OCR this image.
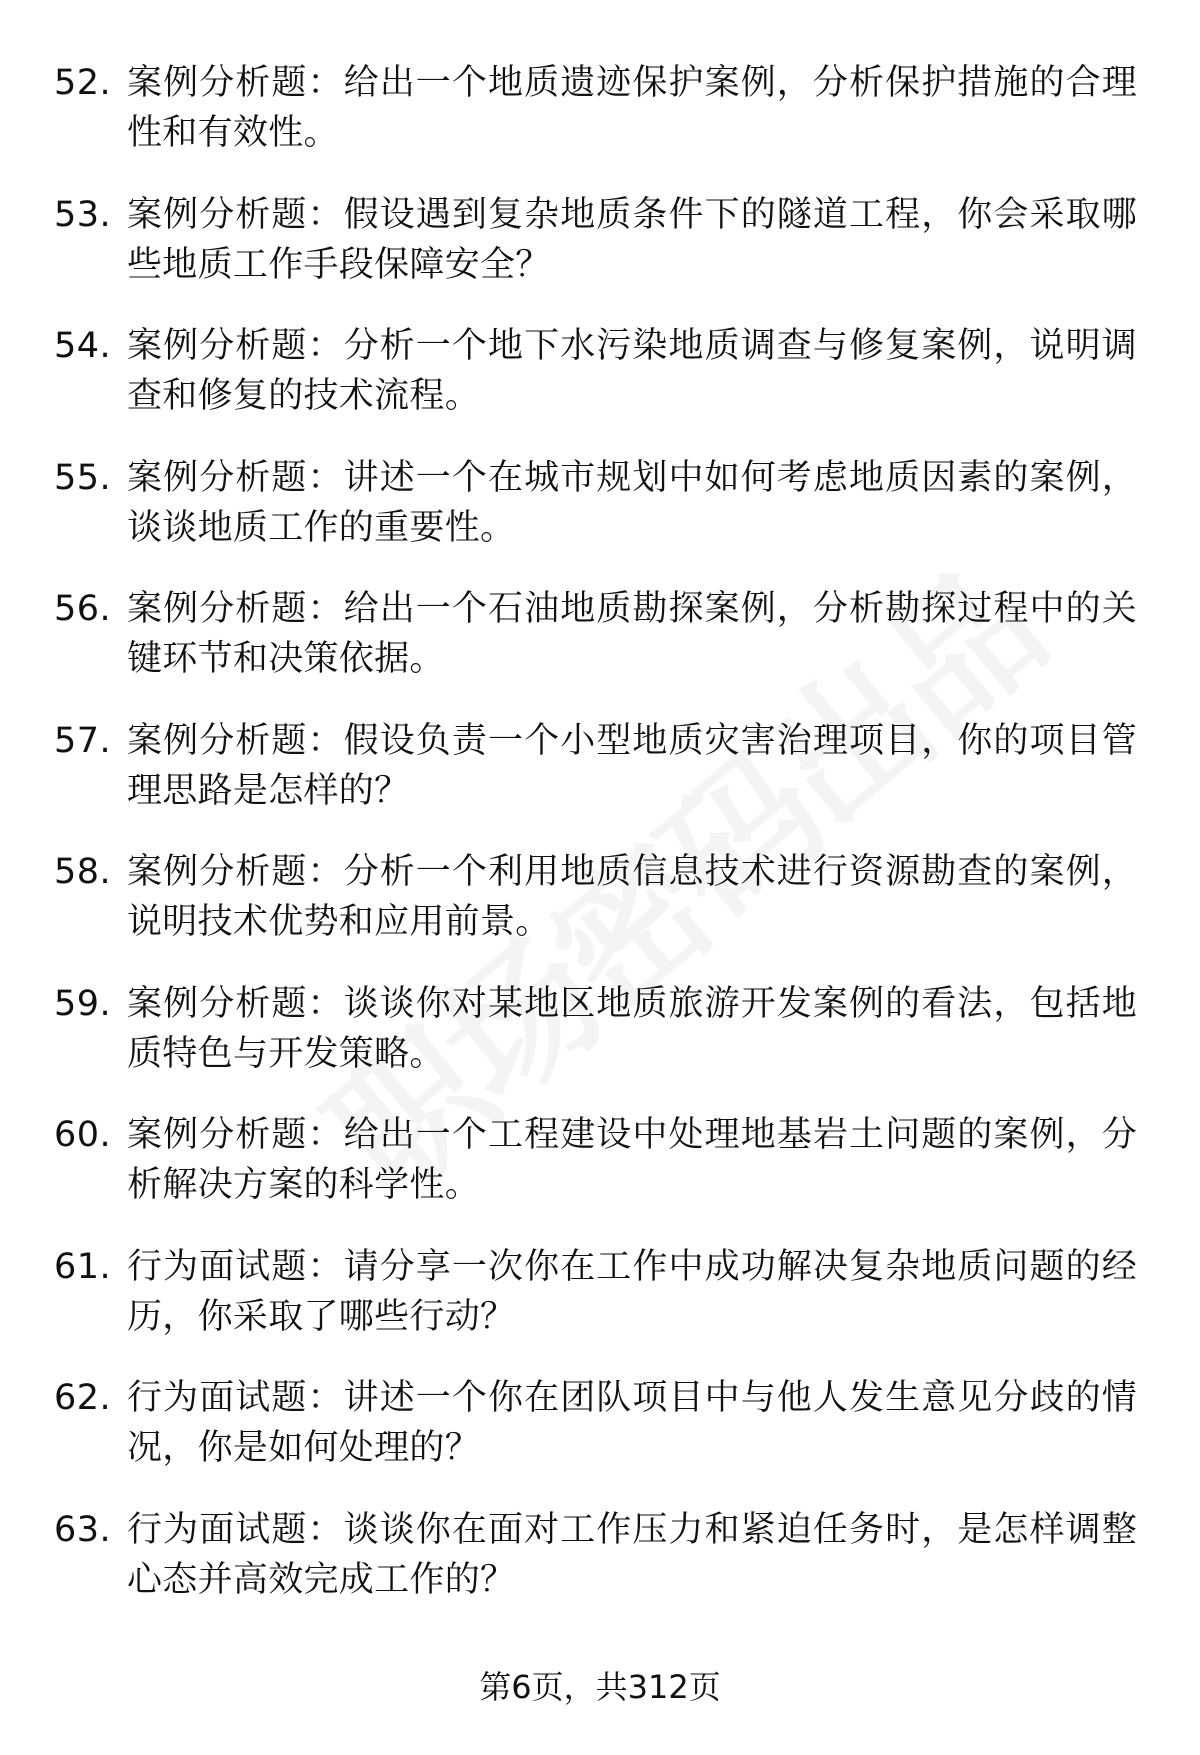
52. 案例分析题：给出一个地质遗迹保护案例，分析保护措施的合理性和有效性。
53. 案例分析题：假设遇到复杂地质条件下的隧道工程，你会采取哪些地质工作手段保障安全？
54. 案例分析题：分析一个地下水污染地质调查与修复案例，说明调查和修复的技术流程。
55. 案例分析题：讲述一个在城市规划中如何考虑地质因素的案例，谈谈地质工作的重要性。
56. 案例分析题：给出一个石油地质勘探案例，分析勘探过程中的关键环节和决策依据。
57. 案例分析题：假设负责一个小型地质灾害治理项目，你的项目管理思路是怎样的？
58. 案例分析题：分析一个利用地质信息技术进行资源勘查的案例，说明技术优势和应用前景。
59. 案例分析题：谈谈你对某地区地质旅游开发案例的看法，包括地质特色与开发策略。
60. 案例分析题：给出一个工程建设中处理地基岩土问题的案例，分析解决方案的科学性。
61. 行为面试题：请分享一次你在工作中成功解决复杂地质问题的经历，你采取了哪些行动？
62. 行为面试题：讲述一个你在团队项目中与他人发生意见分歧的情况，你是如何处理的？
63. 行为面试题：谈谈你在面对工作压力和紧迫任务时，是怎样调整心态并高效完成工作的？
第6页，共312页
